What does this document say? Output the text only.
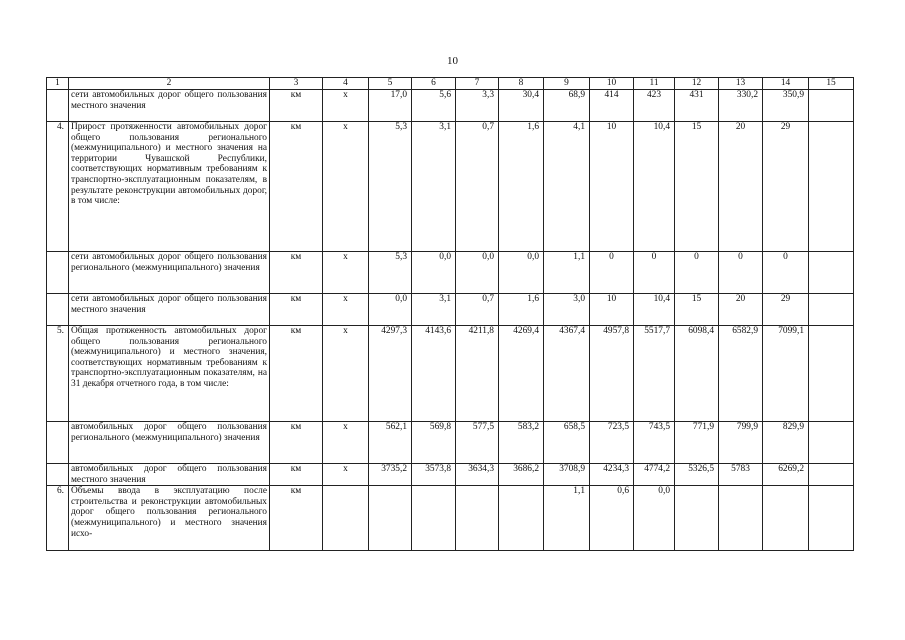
10
1	2	3	4	5	6	7	8	9	10	11	12	13	14	15
	сети автомобильных дорог общего пользования местного значения	км	х	17,0	5,6	3,3	30,4	68,9	414	423	431	330,2	350,9	
4.	Прирост протяженности автомобильных дорог общего пользования регионального (межмуниципального) и местного значения на территории Чувашской Республики, соответствующих нормативным требованиям к транспортно-эксплуатационным показателям, в результате реконструкции автомобильных дорог, в том числе:	км	х	5,3	3,1	0,7	1,6	4,1	10	10,4	15	20	29	
	сети автомобильных дорог общего пользования регионального (межмуниципального) значения	км	х	5,3	0,0	0,0	0,0	1,1	0	0	0	0	0	
	сети автомобильных дорог общего пользования местного значения	км	х	0,0	3,1	0,7	1,6	3,0	10	10,4	15	20	29	
5.	Общая протяженность автомобильных дорог общего пользования регионального (межмуниципального) и местного значения, соответствующих нормативным требованиям к транспортно-эксплуатационным показателям, на 31 декабря отчетного года, в том числе:	км	х	4297,3	4143,6	4211,8	4269,4	4367,4	4957,8	5517,7	6098,4	6582,9	7099,1	
	автомобильных дорог общего пользования регионального (межмуниципального) значения	км	х	562,1	569,8	577,5	583,2	658,5	723,5	743,5	771,9	799,9	829,9	
	автомобильных дорог общего пользования местного значения	км	х	3735,2	3573,8	3634,3	3686,2	3708,9	4234,3	4774,2	5326,5	5783	6269,2	
6.	Объемы ввода в эксплуатацию после строительства и реконструкции автомобильных дорог общего пользования регионального (межмуниципального) и местного значения исхо-	км						1,1	0,6	0,0				
